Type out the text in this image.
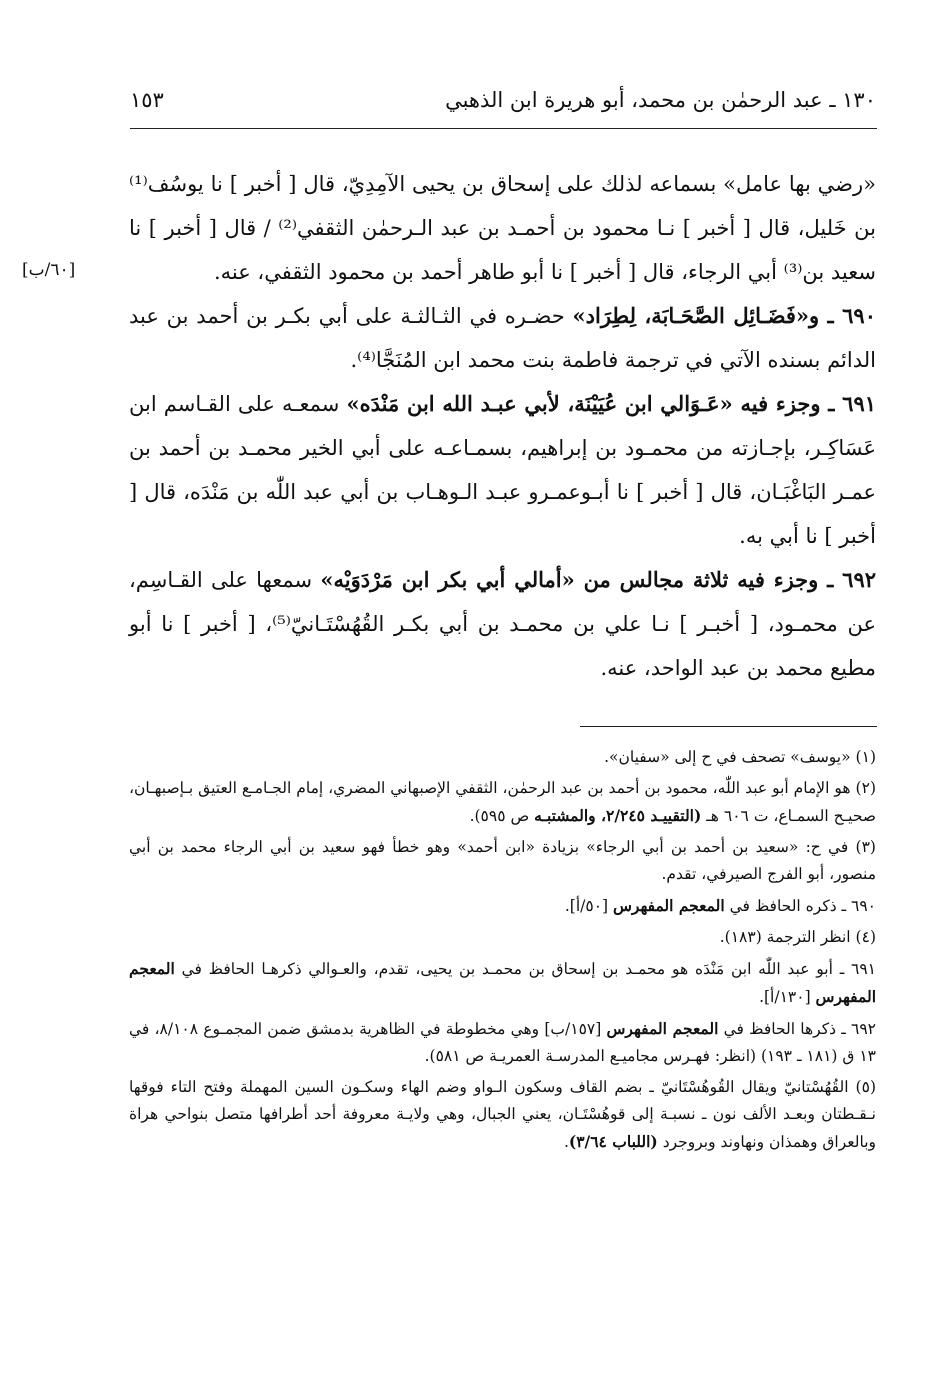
١٣٠ ـ عبد الرحمٰن بن محمد، أبو هريرة ابن الذهبي
١٥٣
[٦٠/ب]

«رضي بها عامل» بسماعه لذلك على إسحاق بن يحيى الآمِدِيّ، قال [ أخبر ] نا يوسُف⁽¹⁾ بن خَليل، قال [ أخبر ] نـا محمود بن أحمـد بن عبد الـرحمٰن الثقفي⁽²⁾ / قال [ أخبر ] نا سعيد بن⁽³⁾ أبي الرجاء، قال [ أخبر ] نا أبو طاهر أحمد بن محمود الثقفي، عنه.

٦٩٠ ـ و«فَضَـائِل الصَّحَـابَة، لِطِرَاد» حضـره في الثـالثـة على أبي بكـر بن أحمد بن عبد الدائم بسنده الآتي في ترجمة فاطمة بنت محمد ابن المُنَجَّا⁽⁴⁾.

٦٩١ ـ وجزء فيه «عَـوَالي ابن عُيَيْنَة، لأبي عبـد الله ابن مَنْدَه» سمعـه على القـاسم ابن عَسَاكِـر، بإجـازته من محمـود بن إبراهيم، بسمـاعـه على أبي الخير محمـد بن أحمد بن عمـر البَاغْبَـان، قال [ أخبر ] نا أبـوعمـرو عبـد الـوهـاب بن أبي عبد اللّٰه بن مَنْدَه، قال [ أخبر ] نا أبي به.

٦٩٢ ـ وجزء فيه ثلاثة مجالس من «أمالي أبي بكر ابن مَرْدَوَيْه» سمعها على القـاسِم، عن محمـود، [ أخبـر ] نـا علي بن محمـد بن أبي بكـر القُهُسْتَـانيّ⁽⁵⁾، [ أخبر ] نا أبو مطيع محمد بن عبد الواحد، عنه.

(١) «يوسف» تصحف في ح إلى «سفيان».

(٢) هو الإمام أبو عبد اللّٰه، محمود بن أحمد بن عبد الرحمٰن، الثقفي الإصبهاني المضري، إمام الجـامـع العتيق بـإصبهـان، صحيـح السمـاع، ت ٦٠٦ هـ (التقييـد ٢/٢٤٥، والمشتبـه ص ٥٩٥).

(٣) في ح: «سعيد بن أحمد بن أبي الرجاء» بزيادة «ابن أحمد» وهو خطأ فهو سعيد بن أبي الرجاء محمد بن أبي منصور، أبو الفرج الصيرفي، تقدم.

٦٩٠ ـ ذكره الحافظ في المعجم المفهرس [٥٠/أ].

(٤) انظر الترجمة (١٨٣).

٦٩١ ـ أبو عبد اللّٰه ابن مَنْدَه هو محمـد بن إسحاق بن محمـد بن يحيى، تقدم، والعـوالي ذكرهـا الحافظ في المعجم المفهرس [١٣٠/أ].

٦٩٢ ـ ذكرها الحافظ في المعجم المفهرس [١٥٧/ب] وهي مخطوطة في الظاهرية بدمشق ضمن المجمـوع ٨/١٠٨، في ١٣ ق (١٨١ ـ ١٩٣) (انظر: فهـرس مجاميـع المدرسـة العمريـة ص ٥٨١).

(٥) القُهُسْتانيّ ويقال القُوهُسْتَانيّ ـ بضم القاف وسكون الـواو وضم الهاء وسكـون السين المهملة وفتح التاء فوقها نـقـطتان وبعـد الألف نون ـ نسبـة إلى قوهُسْتَـان، يعني الجبال، وهي ولايـة معروفة أحد أطرافها متصل بنواحي هراة وبالعراق وهمذان ونهاوند وبروجرد (اللباب ٣/٦٤).
